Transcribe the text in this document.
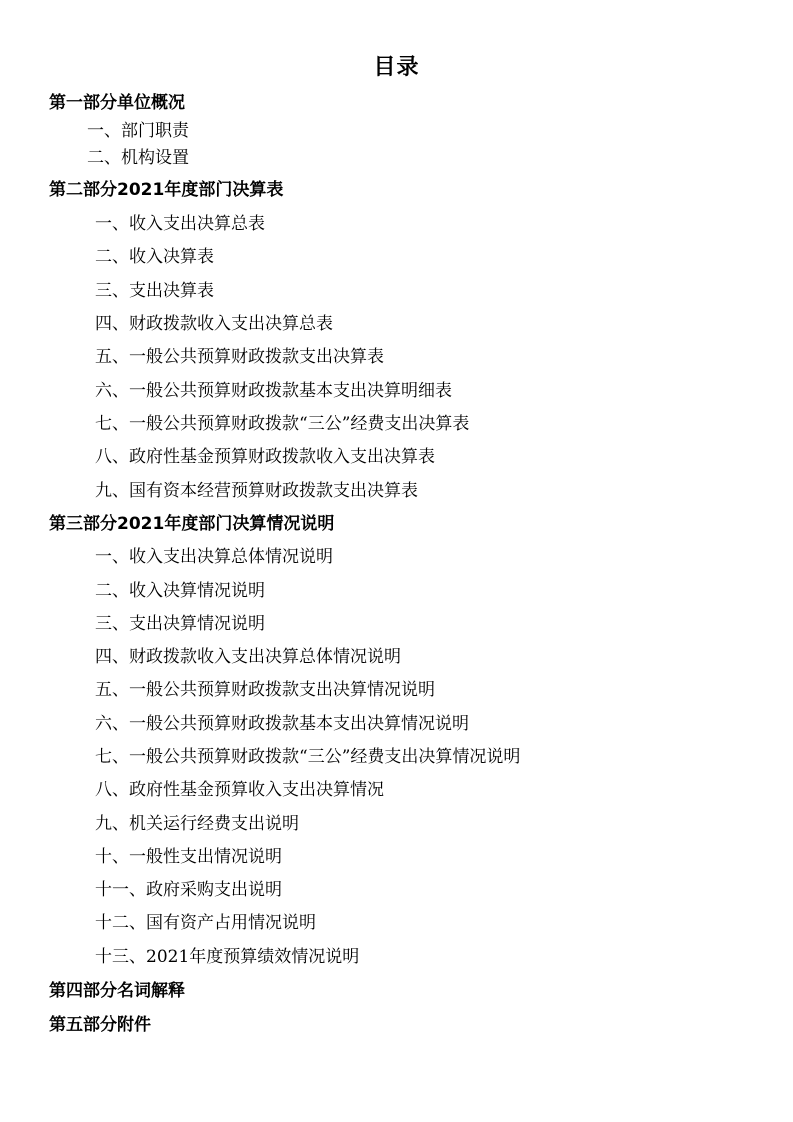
目录
第一部分单位概况
一、部门职责
二、机构设置
第二部分2021年度部门决算表
一、收入支出决算总表
二、收入决算表
三、支出决算表
四、财政拨款收入支出决算总表
五、一般公共预算财政拨款支出决算表
六、一般公共预算财政拨款基本支出决算明细表
七、一般公共预算财政拨款“三公”经费支出决算表
八、政府性基金预算财政拨款收入支出决算表
九、国有资本经营预算财政拨款支出决算表
第三部分2021年度部门决算情况说明
一、收入支出决算总体情况说明
二、收入决算情况说明
三、支出决算情况说明
四、财政拨款收入支出决算总体情况说明
五、一般公共预算财政拨款支出决算情况说明
六、一般公共预算财政拨款基本支出决算情况说明
七、一般公共预算财政拨款“三公”经费支出决算情况说明
八、政府性基金预算收入支出决算情况
九、机关运行经费支出说明
十、一般性支出情况说明
十一、政府采购支出说明
十二、国有资产占用情况说明
十三、2021年度预算绩效情况说明
第四部分名词解释
第五部分附件
